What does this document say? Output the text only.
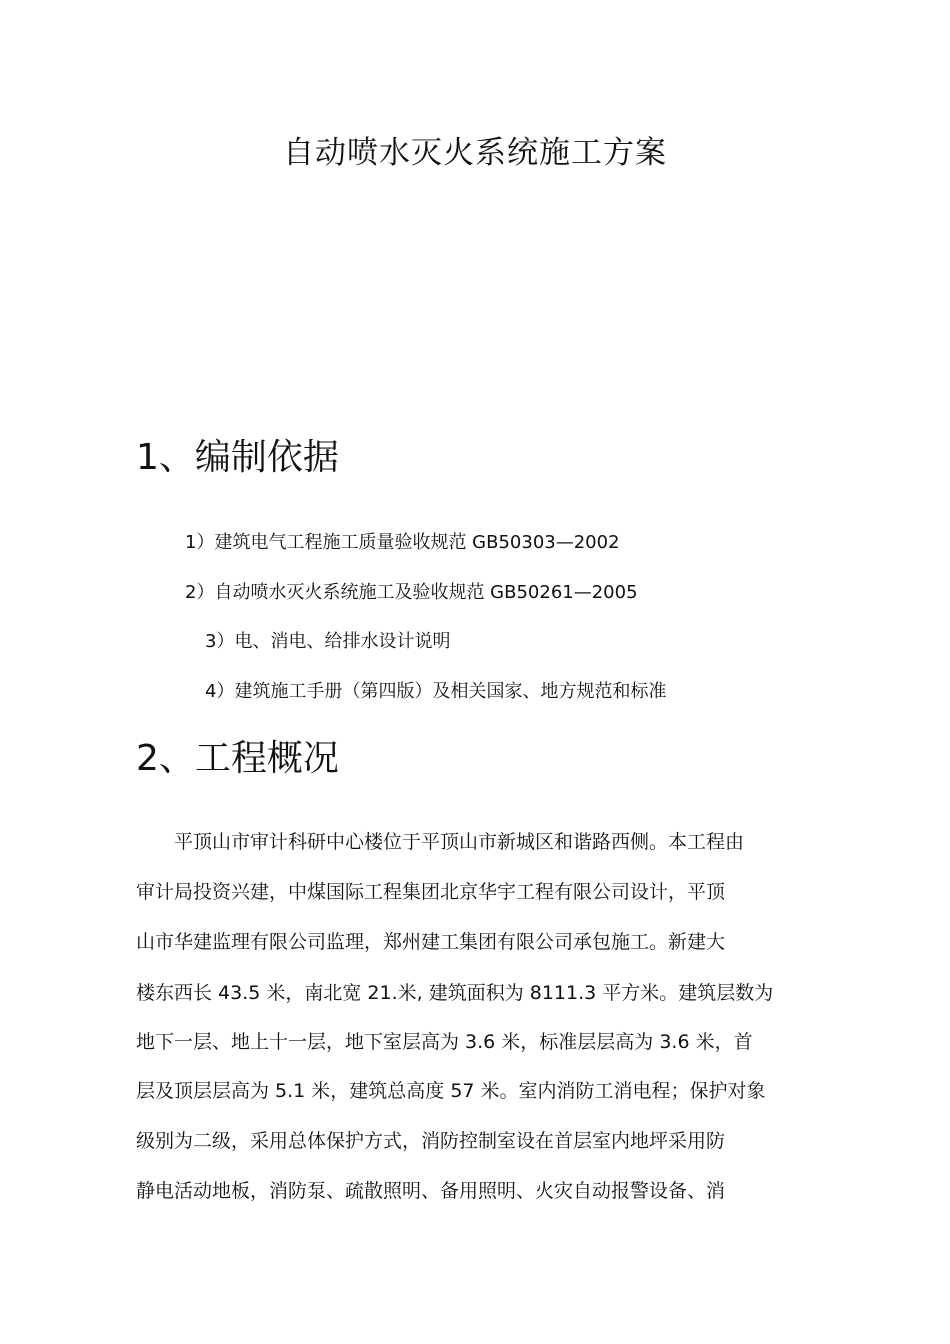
自动喷水灭火系统施工方案
1、编制依据

1）建筑电气工程施工质量验收规范 GB50303—2002

2）自动喷水灭火系统施工及验收规范 GB50261—2005

3）电、消电、给排水设计说明

4）建筑施工手册（第四版）及相关国家、地方规范和标准

2、工程概况

平顶山市审计科研中心楼位于平顶山市新城区和谐路西侧。本工程由

审计局投资兴建，中煤国际工程集团北京华宇工程有限公司设计，平顶

山市华建监理有限公司监理，郑州建工集团有限公司承包施工。新建大

楼东西长 43.5 米，南北宽 21.米, 建筑面积为 8111.3 平方米。建筑层数为

地下一层、地上十一层，地下室层高为 3.6 米，标准层层高为 3.6 米，首

层及顶层层高为 5.1 米，建筑总高度 57 米。室内消防工消电程；保护对象

级别为二级，采用总体保护方式，消防控制室设在首层室内地坪采用防

静电活动地板，消防泵、疏散照明、备用照明、火灾自动报警设备、消
